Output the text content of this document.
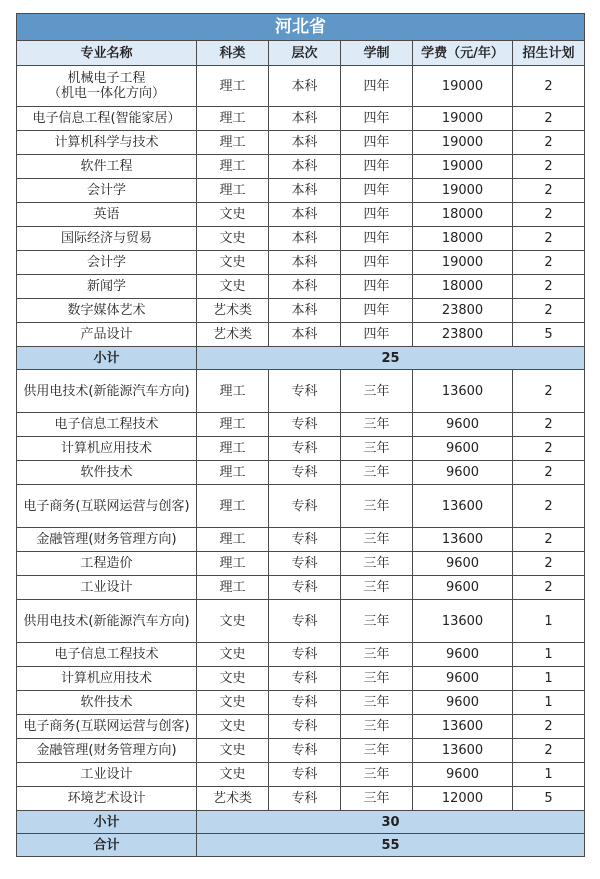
河北省					
专业名称	科类	层次	学制	学费（元/年）	招生计划
机械电子工程
（机电一体化方向）	理工	本科	四年	19000	2
电子信息工程(智能家居）	理工	本科	四年	19000	2
计算机科学与技术	理工	本科	四年	19000	2
软件工程	理工	本科	四年	19000	2
会计学	理工	本科	四年	19000	2
英语	文史	本科	四年	18000	2
国际经济与贸易	文史	本科	四年	18000	2
会计学	文史	本科	四年	19000	2
新闻学	文史	本科	四年	18000	2
数字媒体艺术	艺术类	本科	四年	23800	2
产品设计	艺术类	本科	四年	23800	5
小计	25				
供用电技术(新能源汽车方向)	理工	专科	三年	13600	2
电子信息工程技术	理工	专科	三年	9600	2
计算机应用技术	理工	专科	三年	9600	2
软件技术	理工	专科	三年	9600	2
电子商务(互联网运营与创客)	理工	专科	三年	13600	2
金融管理(财务管理方向)	理工	专科	三年	13600	2
工程造价	理工	专科	三年	9600	2
工业设计	理工	专科	三年	9600	2
供用电技术(新能源汽车方向)	文史	专科	三年	13600	1
电子信息工程技术	文史	专科	三年	9600	1
计算机应用技术	文史	专科	三年	9600	1
软件技术	文史	专科	三年	9600	1
电子商务(互联网运营与创客)	文史	专科	三年	13600	2
金融管理(财务管理方向)	文史	专科	三年	13600	2
工业设计	文史	专科	三年	9600	1
环境艺术设计	艺术类	专科	三年	12000	5
小计	30				
合计	55				
